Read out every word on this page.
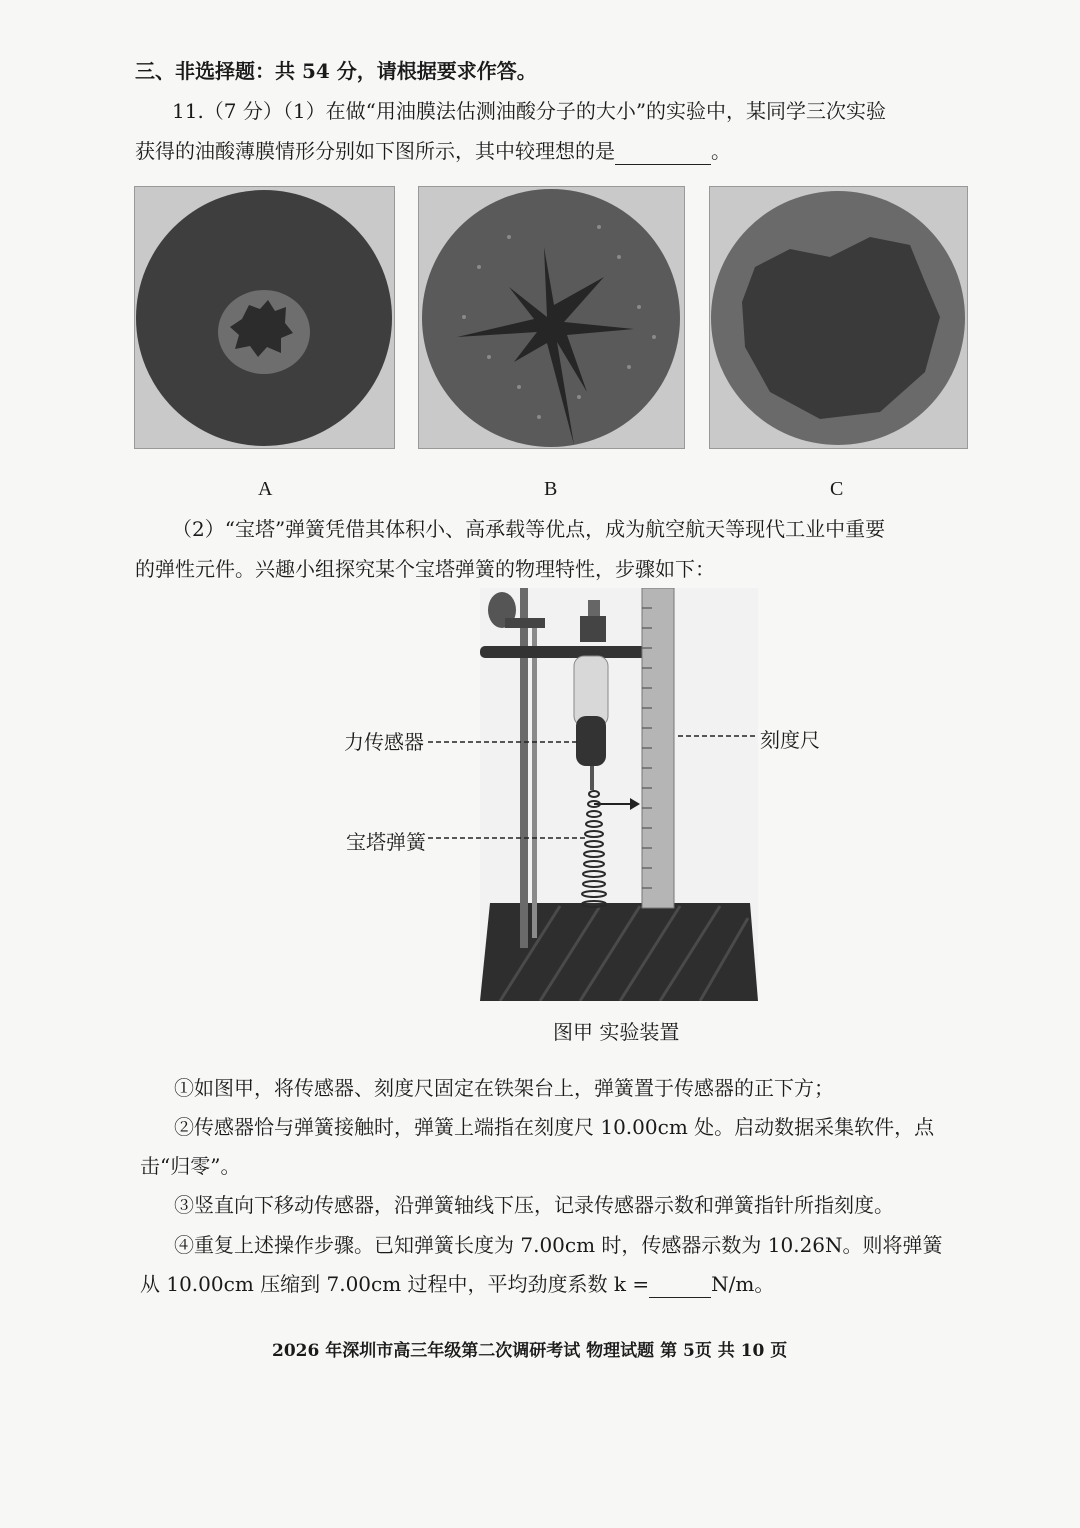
三、非选择题：共 54 分，请根据要求作答。
11.（7 分）（1）在做“用油膜法估测油酸分子的大小”的实验中，某同学三次实验
获得的油酸薄膜情形分别如下图所示，其中较理想的是	。
A	B	C
（2）“宝塔”弹簧凭借其体积小、高承载等优点，成为航空航天等现代工业中重要
的弹性元件。兴趣小组探究某个宝塔弹簧的物理特性，步骤如下：
力传感器	刻度尺
宝塔弹簧
图甲 实验装置
①如图甲，将传感器、刻度尺固定在铁架台上，弹簧置于传感器的正下方；
②传感器恰与弹簧接触时，弹簧上端指在刻度尺 10.00cm 处。启动数据采集软件，点
击“归零”。
③竖直向下移动传感器，沿弹簧轴线下压，记录传感器示数和弹簧指针所指刻度。
④重复上述操作步骤。已知弹簧长度为 7.00cm 时，传感器示数为 10.26N。则将弹簧
从 10.00cm 压缩到 7.00cm 过程中，平均劲度系数 k =	N/m。
2026 年深圳市高三年级第二次调研考试 物理试题 第 5页 共 10 页
